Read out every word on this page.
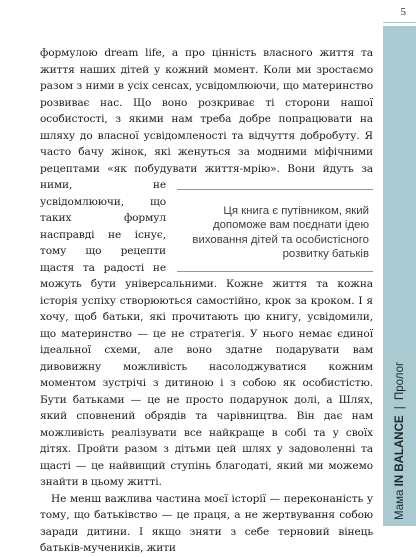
5

формулою dream life, а про цінність власного життя та життя наших дітей у кожний момент. Коли ми зростаємо разом з ними в усіх сенсах, усвідомлюючи, що материнство розвиває нас. Що воно розкриває ті сторони нашої особистості, з якими нам треба добре попрацювати на шляху до власної усвідомленості та відчуття добробуту. Я часто бачу жінок, які женуться за модними міфічними рецептами «як побудувати життя-мрію». Вони йдуть за ними, не усвідомлюючи, що таких формул насправді не існує, тому що рецепти щастя та радості не можуть бути універсальними. Кожне життя та кожна історія успіху створюються самостійно, крок за кроком. І я хочу, щоб батьки, які прочитають цю книгу, усвідомили, що материнство — це не стратегія. У нього немає єдиної ідеальної схеми, але воно здатне подарувати вам дивовижну можливість насолоджуватися кожним моментом зустрічі з дитиною і з собою як особистістю. Бути батьками — це не просто подарунок долі, а Шлях, який сповнений обрядів та чарівництва. Він дає нам можливість реалізувати все найкраще в собі та у своїх дітях. Пройти разом з дітьми цей шлях у задоволенні та щасті — це найвищий ступінь благодаті, який ми можемо знайти в цьому житті.

Не менш важлива частина моєї історії — переконаність у тому, що батьківство — це праця, а не жертвування собою заради дитини. І якщо зняти з себе терновий вінець батьків-мучеників, жити

Ця книга є путівником, який допоможе вам поєднати ідею виховання дітей та особистісного розвитку батьків
Мама IN BALANCE | Пролог
